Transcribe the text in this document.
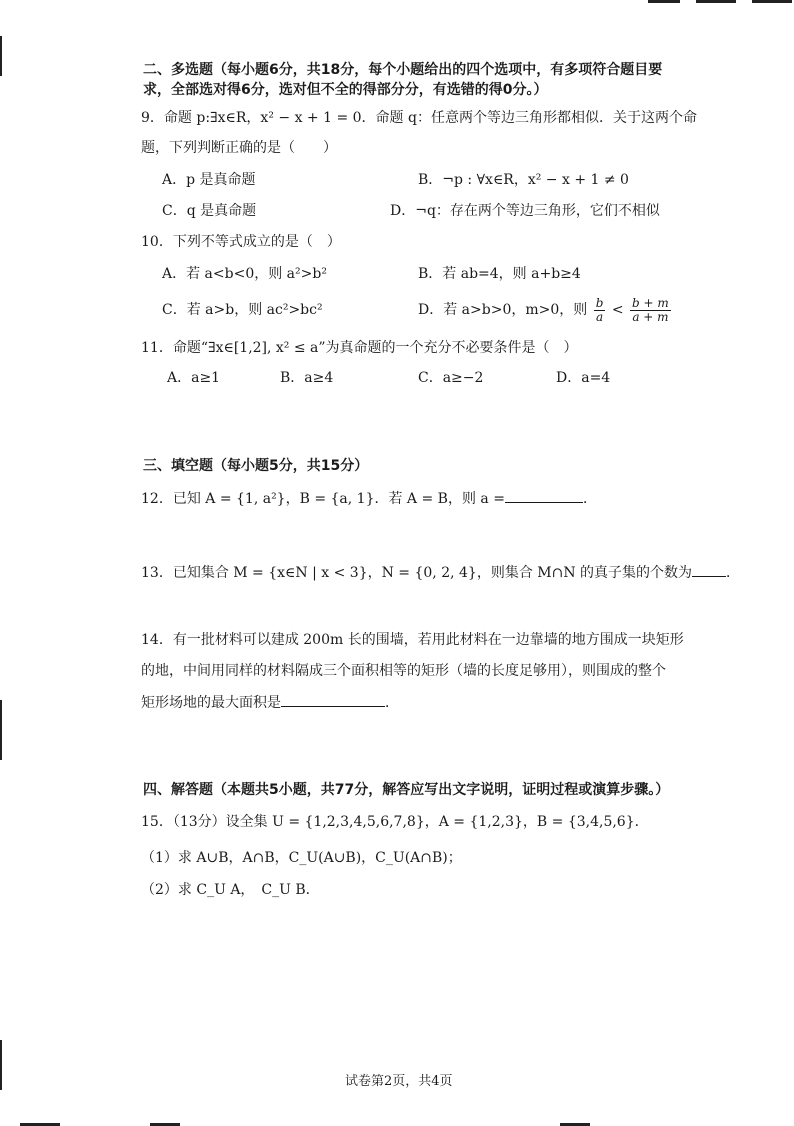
二、多选题（每小题6分，共18分，每个小题给出的四个选项中，有多项符合题目要
求，全部选对得6分，选对但不全的得部分分，有选错的得0分。）
9．命题 p:∃x∈R，x² − x + 1 = 0．命题 q：任意两个等边三角形都相似．关于这两个命
题，下列判断正确的是（　　）
A．p 是真命题	B．¬p : ∀x∈R，x² − x + 1 ≠ 0
C．q 是真命题	D．¬q：存在两个等边三角形，它们不相似
10．下列不等式成立的是（　）
A．若 a<b<0，则 a²>b²	B．若 ab=4，则 a+b≥4
C．若 a>b，则 ac²>bc²	D．若 a>b>0，m>0，则 $\frac{b}{a} < \frac{b + m}{a + m}$
11．命题“∃x∈[1,2], x² ≤ a”为真命题的一个充分不必要条件是（　）
A．a≥1	B．a≥4	C．a≥−2	D．a=4
三、填空题（每小题5分，共15分）
12．已知 A = {1, a²}，B = {a, 1}．若 A = B，则 a =	．
13．已知集合 M = {x∈N | x < 3}，N = {0, 2, 4}，则集合 M∩N 的真子集的个数为 ．
14．有一批材料可以建成 200m 长的围墙，若用此材料在一边靠墙的地方围成一块矩形
的地，中间用同样的材料隔成三个面积相等的矩形（墙的长度足够用），则围成的整个
矩形场地的最大面积是	．
四、解答题（本题共5小题，共77分，解答应写出文字说明，证明过程或演算步骤。）
15．（13分）设全集 U = {1,2,3,4,5,6,7,8}，A = {1,2,3}，B = {3,4,5,6}．
（1）求 A∪B，A∩B，C_U(A∪B)，C_U(A∩B)；
（2）求 C_U A，　C_U B．
试卷第2页，共4页
